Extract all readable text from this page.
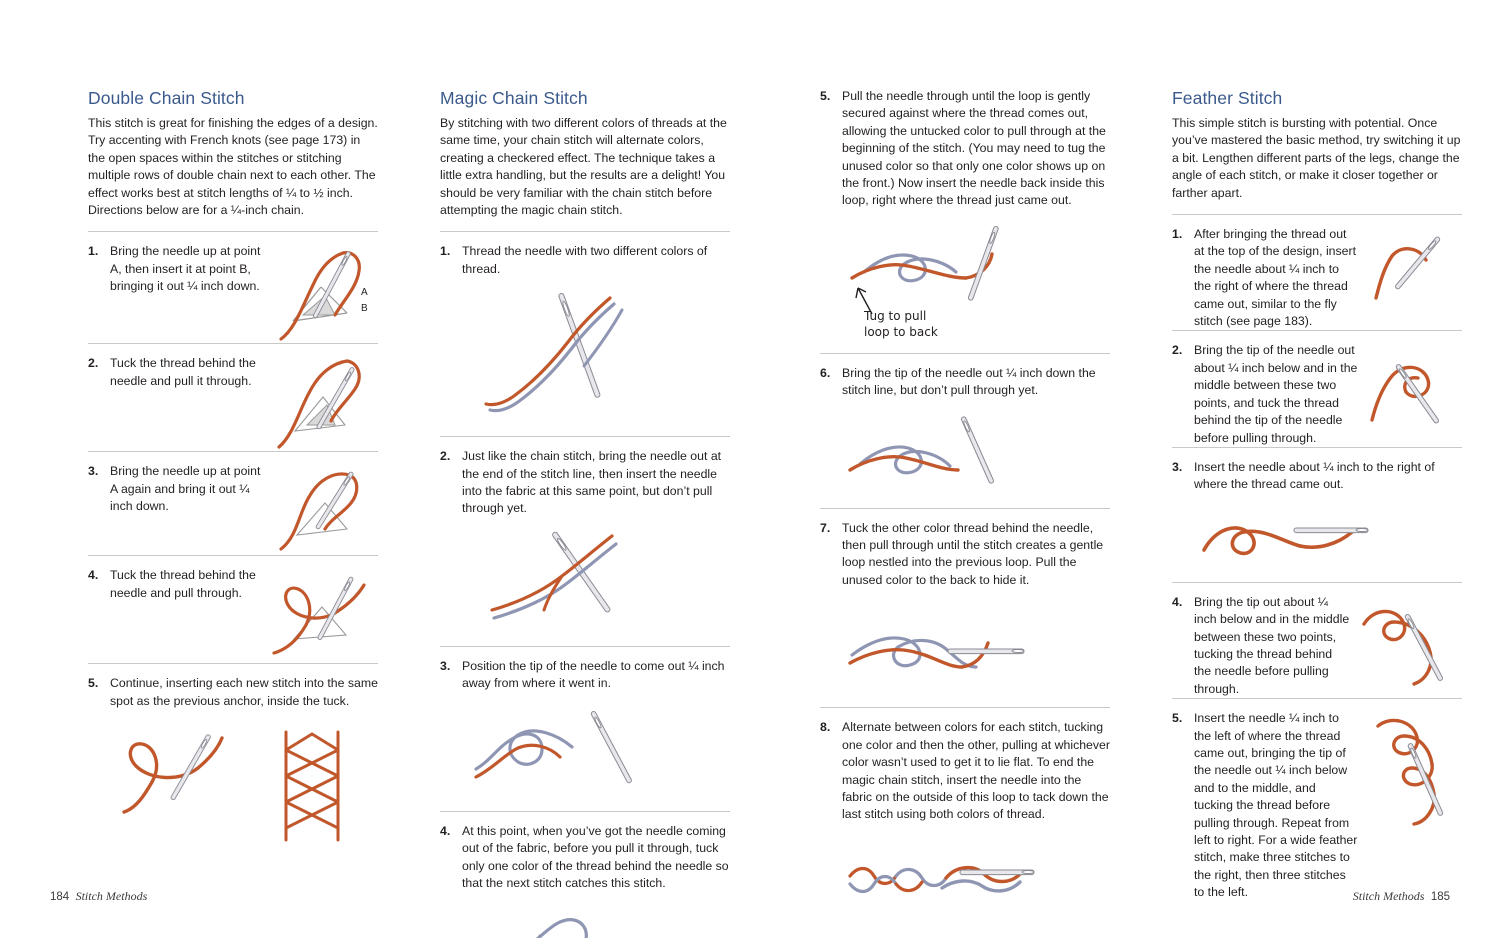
Double Chain Stitch

This stitch is great for finishing the edges of a design. Try accenting with French knots (see page 173) in the open spaces within the stitches or stitching multiple rows of double chain next to each other. The effect works best at stitch lengths of ¼ to ½ inch. Directions below are for a ¼-inch chain.

1. Bring the needle up at point A, then insert it at point B, bringing it out ¼ inch down.	A
B
2. Tuck the thread behind the needle and pull it through.

3. Bring the needle up at point A again and bring it out ¼ inch down.

4. Tuck the thread behind the needle and pull through.

5. Continue, inserting each new stitch into the same spot as the previous anchor, inside the tuck.

Magic Chain Stitch

By stitching with two different colors of threads at the same time, your chain stitch will alternate colors, creating a checkered effect. The technique takes a little extra handling, but the results are a delight! You should be very familiar with the chain stitch before attempting the magic chain stitch.

1. Thread the needle with two different colors of thread.

2. Just like the chain stitch, bring the needle out at the end of the stitch line, then insert the needle into the fabric at this same point, but don’t pull through yet.

3. Position the tip of the needle to come out ¼ inch away from where it went in.

4. At this point, when you’ve got the needle coming out of the fabric, before you pull it through, tuck only one color of the thread behind the needle so that the next stitch catches this stitch.

5. Pull the needle through until the loop is gently secured against where the thread comes out, allowing the untucked color to pull through at the beginning of the stitch. (You may need to tug the unused color so that only one color shows up on the front.) Now insert the needle back inside this loop, right where the thread just came out.

Tug to pull
loop to back
6. Bring the tip of the needle out ¼ inch down the stitch line, but don’t pull through yet.

7. Tuck the other color thread behind the needle, then pull through until the stitch creates a gentle loop nestled into the previous loop. Pull the unused color to the back to hide it.

8. Alternate between colors for each stitch, tucking one color and then the other, pulling at whichever color wasn’t used to get it to lie flat. To end the magic chain stitch, insert the needle into the fabric on the outside of this loop to tack down the last stitch using both colors of thread.

Feather Stitch

This simple stitch is bursting with potential. Once you’ve mastered the basic method, try switching it up a bit. Lengthen different parts of the legs, change the angle of each stitch, or make it closer together or farther apart.

1. After bringing the thread out at the top of the design, insert the needle about ¼ inch to the right of where the thread came out, similar to the fly stitch (see page 183).

2. Bring the tip of the needle out about ¼ inch below and in the middle between these two points, and tuck the thread behind the tip of the needle before pulling through.

3. Insert the needle about ¼ inch to the right of where the thread came out.

4. Bring the tip out about ¼ inch below and in the middle between these two points, tucking the thread behind the needle before pulling through.

5. Insert the needle ¼ inch to the left of where the thread came out, bringing the tip of the needle out ¼ inch below and to the middle, and tucking the thread before pulling through. Repeat from left to right. For a wide feather stitch, make three stitches to the right, then three stitches to the left.

184 Stitch Methods	Stitch Methods 185
